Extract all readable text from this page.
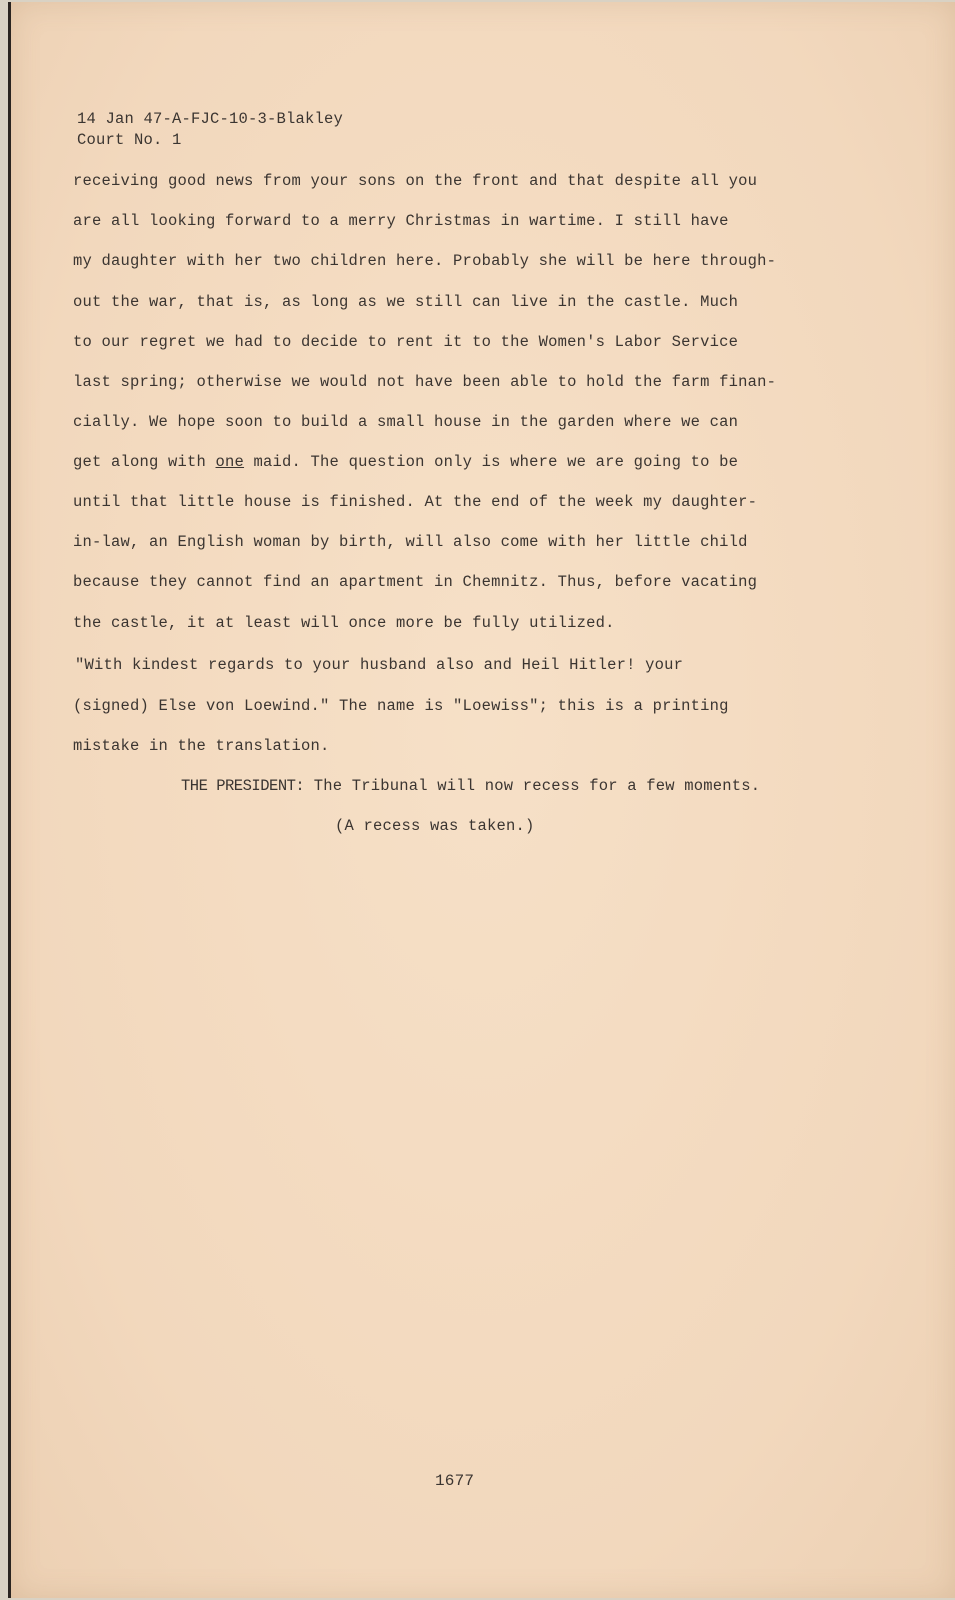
14 Jan 47-A-FJC-10-3-Blakley
Court No. 1
receiving good news from your sons on the front and that despite all you
are all looking forward to a merry Christmas in wartime. I still have
my daughter with her two children here. Probably she will be here through-
out the war, that is, as long as we still can live in the castle. Much
to our regret we had to decide to rent it to the Women's Labor Service
last spring; otherwise we would not have been able to hold the farm finan-
cially. We hope soon to build a small house in the garden where we can
get along with one maid. The question only is where we are going to be
until that little house is finished. At the end of the week my daughter-
in-law, an English woman by birth, will also come with her little child
because they cannot find an apartment in Chemnitz. Thus, before vacating
the castle, it at least will once more be fully utilized.
"With kindest regards to your husband also and Heil Hitler! your
(signed) Else von Loewind." The name is "Loewiss"; this is a printing
mistake in the translation.
THE PRESIDENT: The Tribunal will now recess for a few moments.
(A recess was taken.)
1677
